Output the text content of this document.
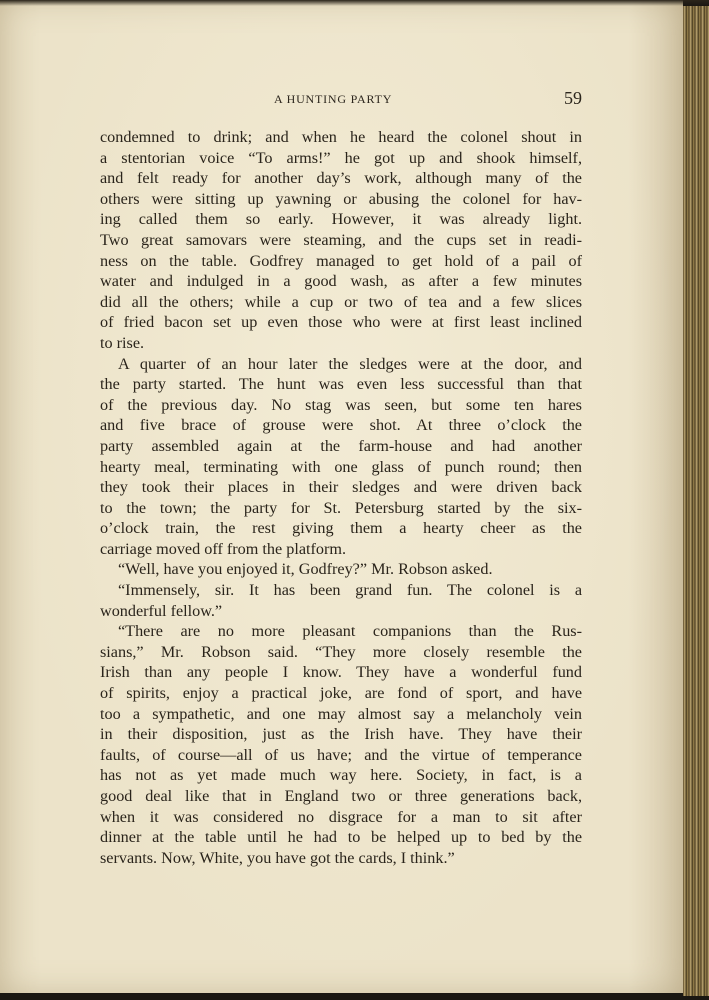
A HUNTING PARTY	59
condemned to drink; and when he heard the colonel shout in
a stentorian voice “To arms!” he got up and shook himself,
and felt ready for another day’s work, although many of the
others were sitting up yawning or abusing the colonel for hav-
ing called them so early. However, it was already light.
Two great samovars were steaming, and the cups set in readi-
ness on the table. Godfrey managed to get hold of a pail of
water and indulged in a good wash, as after a few minutes
did all the others; while a cup or two of tea and a few slices
of fried bacon set up even those who were at first least inclined
to rise.
A quarter of an hour later the sledges were at the door, and
the party started. The hunt was even less successful than that
of the previous day. No stag was seen, but some ten hares
and five brace of grouse were shot. At three o’clock the
party assembled again at the farm-house and had another
hearty meal, terminating with one glass of punch round; then
they took their places in their sledges and were driven back
to the town; the party for St. Petersburg started by the six-
o’clock train, the rest giving them a hearty cheer as the
carriage moved off from the platform.
“Well, have you enjoyed it, Godfrey?” Mr. Robson asked.
“Immensely, sir. It has been grand fun. The colonel is a
wonderful fellow.”
“There are no more pleasant companions than the Rus-
sians,” Mr. Robson said. “They more closely resemble the
Irish than any people I know. They have a wonderful fund
of spirits, enjoy a practical joke, are fond of sport, and have
too a sympathetic, and one may almost say a melancholy vein
in their disposition, just as the Irish have. They have their
faults, of course—all of us have; and the virtue of temperance
has not as yet made much way here. Society, in fact, is a
good deal like that in England two or three generations back,
when it was considered no disgrace for a man to sit after
dinner at the table until he had to be helped up to bed by the
servants. Now, White, you have got the cards, I think.”
